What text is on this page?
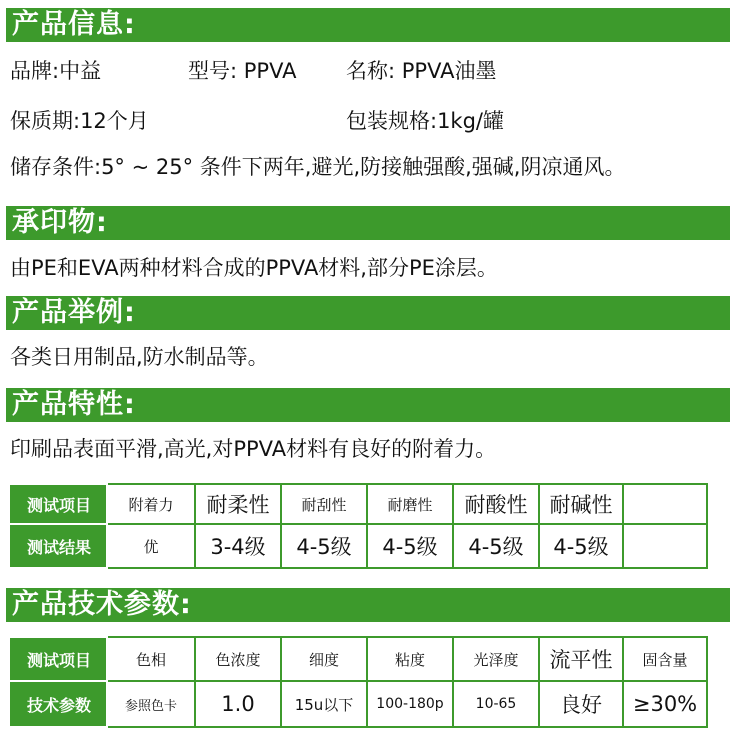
产品信息:
品牌:中益	型号: PPVA 名称: PPVA油墨
保质期:12个月	包装规格:1kg/罐
储存条件:5° ~ 25° 条件下两年,避光,防接触强酸,强碱,阴凉通风。
承印物:
由PE和EVA两种材料合成的PPVA材料,部分PE涂层。
产品举例:
各类日用制品,防水制品等。
产品特性:
印刷品表面平滑,高光,对PPVA材料有良好的附着力。
测试项目	附着力	耐柔性	耐刮性	耐磨性	耐酸性	耐碱性	
测试结果	优	3-4级	4-5级	4-5级	4-5级	4-5级	
产品技术参数:
测试项目	色相	色浓度	细度	粘度	光泽度	流平性	固含量
技术参数	参照色卡	1.0	15u以下	100-180p	10-65	良好	≥30%
